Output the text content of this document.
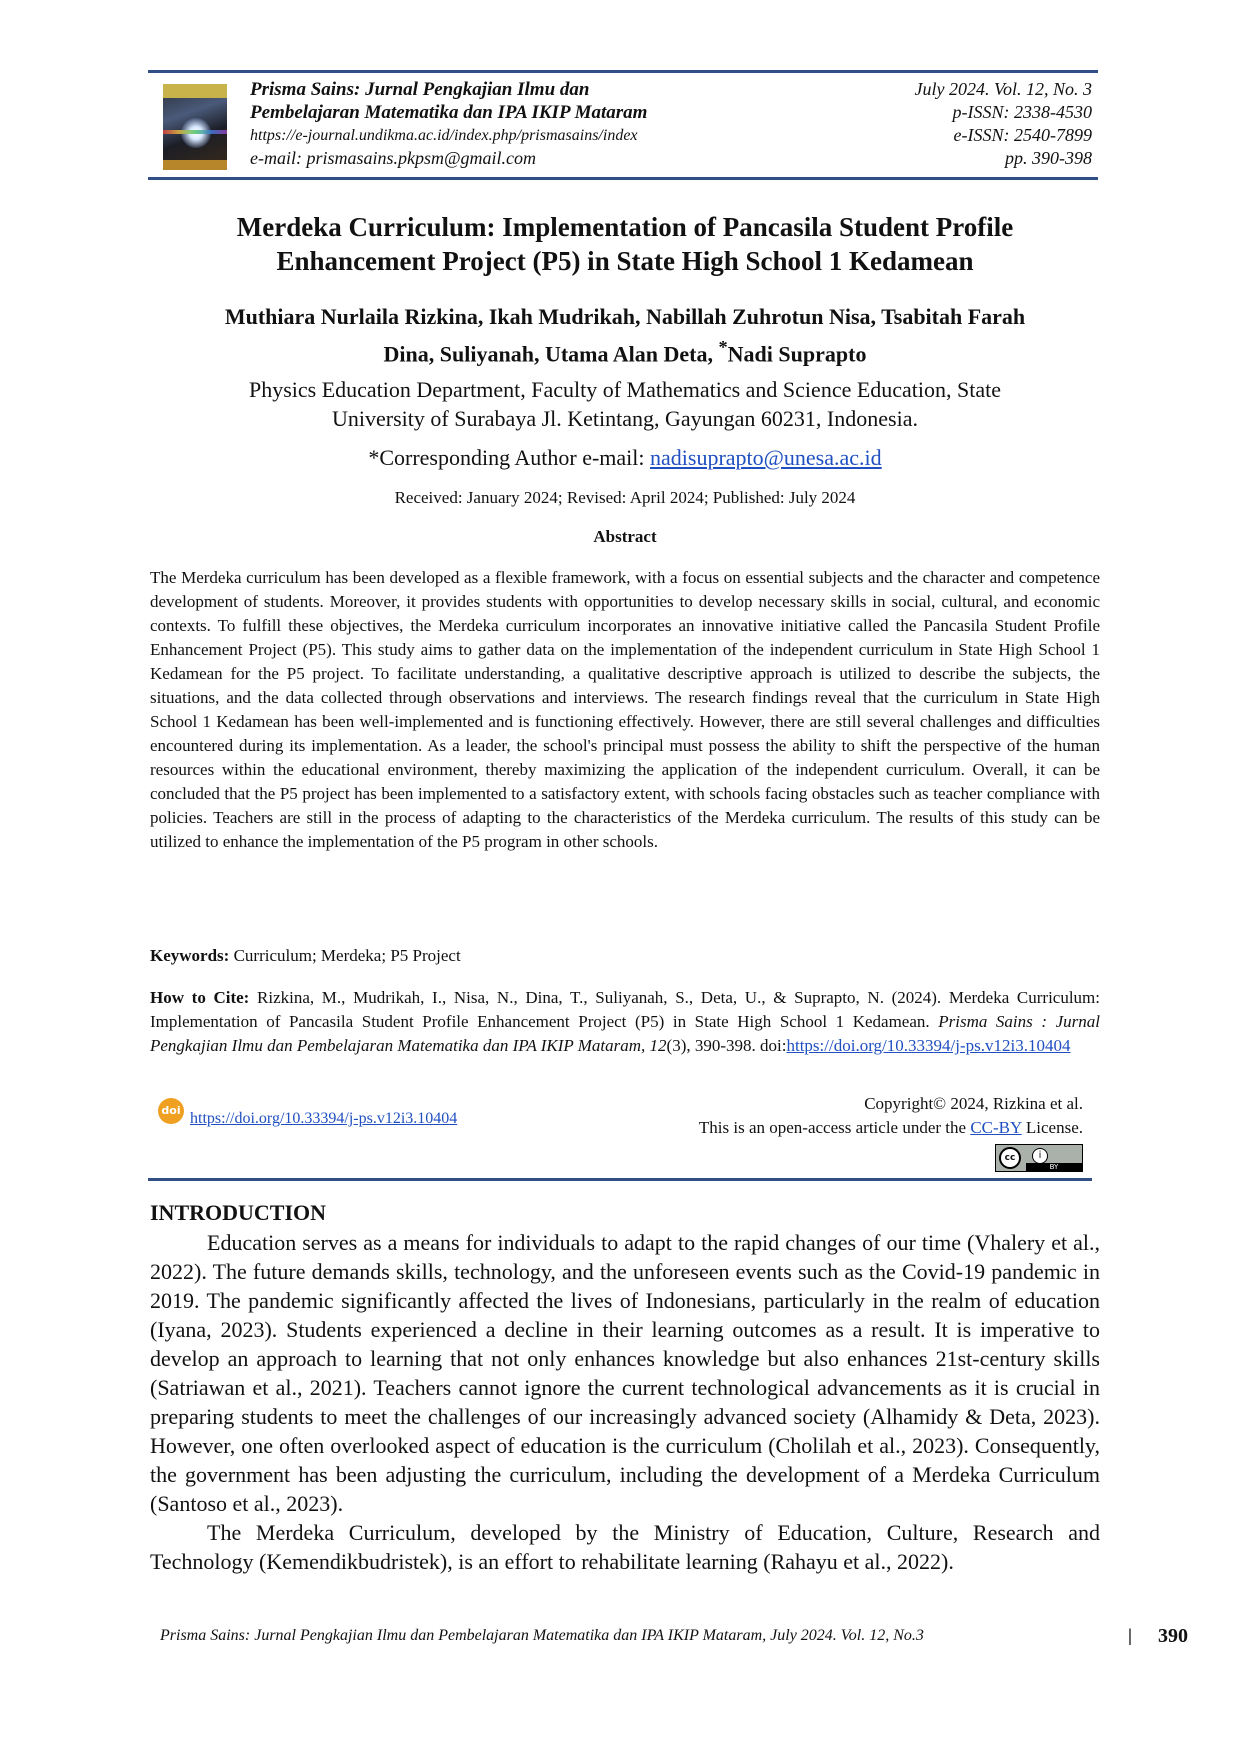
Prisma Sains: Jurnal Pengkajian Ilmu dan
Pembelajaran Matematika dan IPA IKIP Mataram
https://e-journal.undikma.ac.id/index.php/prismasains/index
e-mail: prismasains.pkpsm@gmail.com
July 2024. Vol. 12, No. 3
p-ISSN: 2338-4530
e-ISSN: 2540-7899
pp. 390-398
Merdeka Curriculum: Implementation of Pancasila Student Profile
Enhancement Project (P5) in State High School 1 Kedamean
Muthiara Nurlaila Rizkina, Ikah Mudrikah, Nabillah Zuhrotun Nisa, Tsabitah Farah
Dina, Suliyanah, Utama Alan Deta, *Nadi Suprapto
Physics Education Department, Faculty of Mathematics and Science Education, State
University of Surabaya Jl. Ketintang, Gayungan 60231, Indonesia.
*Corresponding Author e-mail: nadisuprapto@unesa.ac.id
Received: January 2024; Revised: April 2024; Published: July 2024
Abstract
The Merdeka curriculum has been developed as a flexible framework, with a focus on essential subjects and the character and competence development of students. Moreover, it provides students with opportunities to develop necessary skills in social, cultural, and economic contexts. To fulfill these objectives, the Merdeka curriculum incorporates an innovative initiative called the Pancasila Student Profile Enhancement Project (P5). This study aims to gather data on the implementation of the independent curriculum in State High School 1 Kedamean for the P5 project. To facilitate understanding, a qualitative descriptive approach is utilized to describe the subjects, the situations, and the data collected through observations and interviews. The research findings reveal that the curriculum in State High School 1 Kedamean has been well-implemented and is functioning effectively. However, there are still several challenges and difficulties encountered during its implementation. As a leader, the school's principal must possess the ability to shift the perspective of the human resources within the educational environment, thereby maximizing the application of the independent curriculum. Overall, it can be concluded that the P5 project has been implemented to a satisfactory extent, with schools facing obstacles such as teacher compliance with policies. Teachers are still in the process of adapting to the characteristics of the Merdeka curriculum. The results of this study can be utilized to enhance the implementation of the P5 program in other schools.
Keywords: Curriculum; Merdeka; P5 Project
How to Cite: Rizkina, M., Mudrikah, I., Nisa, N., Dina, T., Suliyanah, S., Deta, U., & Suprapto, N. (2024). Merdeka Curriculum: Implementation of Pancasila Student Profile Enhancement Project (P5) in State High School 1 Kedamean. Prisma Sains : Jurnal Pengkajian Ilmu dan Pembelajaran Matematika dan IPA IKIP Mataram, 12(3), 390-398. doi:https://doi.org/10.33394/j-ps.v12i3.10404
doi https://doi.org/10.33394/j-ps.v12i3.10404
Copyright© 2024, Rizkina et al.
This is an open-access article under the CC-BY License.
cc	i
BY
INTRODUCTION

Education serves as a means for individuals to adapt to the rapid changes of our time (Vhalery et al., 2022). The future demands skills, technology, and the unforeseen events such as the Covid-19 pandemic in 2019. The pandemic significantly affected the lives of Indonesians, particularly in the realm of education (Iyana, 2023). Students experienced a decline in their learning outcomes as a result. It is imperative to develop an approach to learning that not only enhances knowledge but also enhances 21st-century skills (Satriawan et al., 2021). Teachers cannot ignore the current technological advancements as it is crucial in preparing students to meet the challenges of our increasingly advanced society (Alhamidy & Deta, 2023). However, one often overlooked aspect of education is the curriculum (Cholilah et al., 2023). Consequently, the government has been adjusting the curriculum, including the development of a Merdeka Curriculum (Santoso et al., 2023).

The Merdeka Curriculum, developed by the Ministry of Education, Culture, Research and Technology (Kemendikbudristek), is an effort to rehabilitate learning (Rahayu et al., 2022).

Prisma Sains: Jurnal Pengkajian Ilmu dan Pembelajaran Matematika dan IPA IKIP Mataram, July 2024. Vol. 12, No.3	| 390
